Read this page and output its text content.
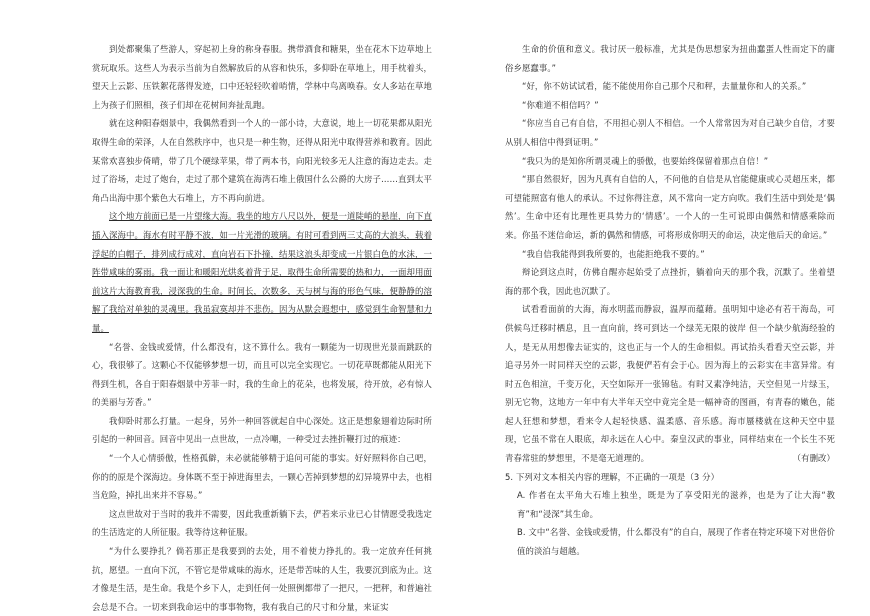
到处都聚集了些游人，穿起初上身的称身春服。携带酒食和糖果，坐在花木下边草地上赏玩取乐。这些人为表示当前为自然解放后的从容和快乐，多仰卧在草地上，用手枕着头，望天上云影、压铁絮花落得发迹，口中还轻轻吹着哨情，学林中鸟离唤春。女人多站在草地上为孩子们照相，孩子们却在花树间奔扯乱跑。

就在这种阳春烟景中，我偶然看到一个人的一部小诗，大意说，地上一切花果都从阳光取得生命的荣泽，人在自然秩序中，也只是一种生物，还得从阳光中取得营养和教育。因此某常欢喜独步倚晴，带了几个硬绿苹果，带了两本书，向阳光较多无人注意的海边走去。走过了浴场，走过了炮台，走过了那个建筑在海湾石堆上俄国什么公爵的大房子……直到太平角凸出海中那个紫色大石堆上，方不再向前进。

这个地方前面已是一片望缘大海。我坐的地方八尺以外，便是一道陡峭的悬崖，向下直插入深海中。海水有时平静不波，如一片光滑的玻璃。有时可看到两三丈高的大浪头，载着浮起的白帽子，排列成行成对，直向岩石下扑撞，结果这浪头却变成一片银白色的水沫，一阵带咸味的雾雨。我一面让和暖阳光烘炙着背于足，取得生命所需要的热和力，一面却用面前这片大海教育我，浸深我的生命。时间长，次数多，天与树与海的形色气味，便静静的溶解了我给对单独的灵魂里。我虽寂寞却并不悲伤。因为从默会遐想中，感觉到生命智慧和力量。

“名誉、金钱或爱情，什么都没有，这不算什么。我有一颗能为一切现世光景而跳跃的心，我很够了。这颗心不仅能够梦想一切，而且可以完全实现它。一切花草既都能从阳光下得到生机，各自于阳春烟景中芳菲一时，我的生命上的花朵，也将发展，待开放，必有惊人的美丽与芳香。”

我仰卧时那么打量。一起身，另外一种回答就起自中心深处。这正是想象翅着边际时所引起的一种回音。回音中见出一点世故，一点冷嘲，一种受过去挫折鞭打过的痕迹：

“一个人心情骄傲，性格孤僻，未必就能够精于追问可能的事实。好好照料你自己吧，你的的原是个深海边。身体既不至于掉进海里去，一颗心苦掉到梦想的幻异境界中去，也相当危险，掉扎出来并不容易。”

这点世故对于当时的我并不需要，因此我重新躺下去，俨若来示业已心甘情愿受我选定的生活选定的人所征服。我等待这种征服。

“为什么要挣扎？倘若那正是我要到的去处，用不着使力挣扎的。我一定放弃任何挑抗，愿望。一直向下沉，不管它是带咸味的海水，还是带苦味的人生，我要沉到底为止。这才像是生活，是生命。我是个乡下人，走到任何一处照例都带了一把尺，一把秤，和普遍社会总是不合。一切来到我命运中的事事物物，我有我自己的尺寸和分量，来证实

生命的价值和意义。我讨厌一般标准，尤其是伪思想家为扭曲蠢蛋人性而定下的庸俗乡愿蠢事。”

“好，你不妨试试看，能不能使用你自己那个尺和秤，去量量你和人的关系。”

“你难道不相信吗？”

“你应当自己有自信，不用担心别人不相信。一个人常常因为对自己缺少自信，才要从别人相信中得到证明。”

“我只为的是知你所谓灵魂上的骄傲，也要始终保留着那点自信！”

“那自然很好，因为凡真有自信的人，不问他的自信是从官能健康或心灵超压来，都可望能照富有他人的承认。不过你得注意，风不常向一定方向吹。我们生活中到处是‘偶然’。生命中还有比理性更具势力的‘情感’。一个人的一生可说即由偶然和情感乘除而来。你虽不迷信命运，新的偶然和情感，可将形成你明天的命运，决定他后天的命运。”

“我自信我能得到我所要的，也能拒绝我不要的。”

辩论到这点时，仿佛自醒亦起始受了点挫折，躺着向天的那个我，沉默了。坐着望海的那个我，因此也沉默了。

试看看面前的大海，海水明蓝而静寂，温厚而蕴藉。虽明知中途必有若干海岛，可供候鸟迁移时栖息，且一直向前，终可到达一个绿芜无限的彼岸 但一个缺少航海经验的人，是无从用想像去证实的，这也正与一个人的生命相似。再试抬头看看天空云影，并追寻另外一时同样天空的云影，我便俨若有会于心。因为海上的云彩实在丰富异常。有时五色相渲，千变万化，天空如际开一张锦毡。有时又素净纯洁，天空但见一片绿玉，别无它物，这地方一年中有大半年天空中竟完全是一幅神奇的图画，有青春的嫩色，能起人狂想和梦想，看来令人起轻快感、温柔感、音乐感。海市蜃楼就在这种天空中显现，它虽不常在人眼底，却永远在人心中。秦皇汉武的事业，同样结束在一个长生不死青春常驻的梦想里，不是毫无道理的。	（有删改）

5. 下列对文本相关内容的理解，不正确的一项是（3 分）

A. 作者在太平角大石堆上独坐，既是为了享受阳光的滋养，也是为了让大海“教育”和“浸深”其生命。

B. 文中“名誉、金钱或爱情，什么都没有”的自白，展现了作者在特定环境下对世俗价值的淡泊与超越。
